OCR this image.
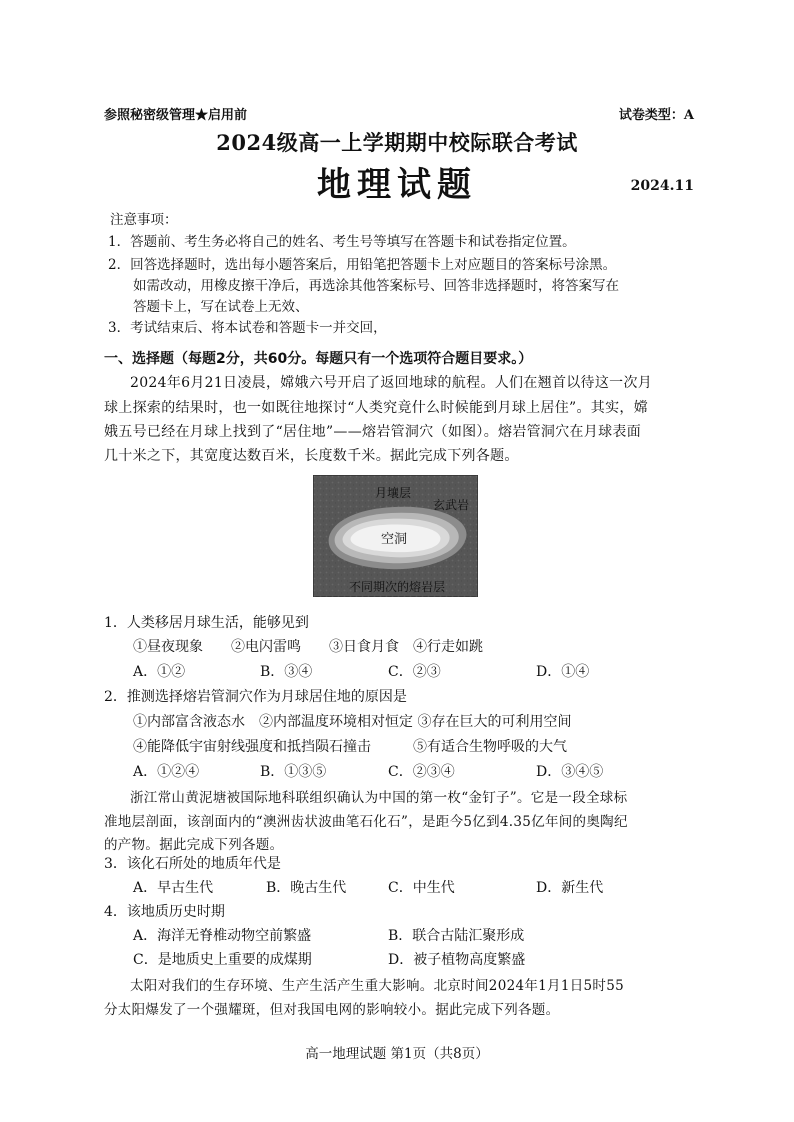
参照秘密级管理★启用前	试卷类型：A
2024级高一上学期期中校际联合考试
地理试题	2024.11
注意事项：
1．答题前、考生务必将自己的姓名、考生号等填写在答题卡和试卷指定位置。
2．回答选择题时，选出每小题答案后，用铅笔把答题卡上对应题目的答案标号涂黑。
如需改动，用橡皮擦干净后，再选涂其他答案标号、回答非选择题时，将答案写在
答题卡上，写在试卷上无效、
3．考试结束后、将本试卷和答题卡一并交回，
一、选择题（每题2分，共60分。每题只有一个选项符合题目要求。）
2024年6月21日凌晨，嫦娥六号开启了返回地球的航程。人们在翘首以待这一次月
球上探索的结果时，也一如既往地探讨“人类究竟什么时候能到月球上居住”。其实，嫦
娥五号已经在月球上找到了“居住地”——熔岩管洞穴（如图）。熔岩管洞穴在月球表面
几十米之下，其宽度达数百米，长度数千米。据此完成下列各题。
月壤层
玄武岩
空洞
不同期次的熔岩层
1．人类移居月球生活，能够见到
①昼夜现象　　②电闪雷鸣　　③日食月食　④行走如跳
A．①②	B．③④	C．②③	D．①④
2．推测选择熔岩管洞穴作为月球居住地的原因是
①内部富含液态水　②内部温度环境相对恒定 ③存在巨大的可利用空间
④能降低宇宙射线强度和抵挡陨石撞击　　　⑤有适合生物呼吸的大气
A．①②④	B．①③⑤	C．②③④	D．③④⑤
浙江常山黄泥塘被国际地科联组织确认为中国的第一枚“金钉子”。它是一段全球标
准地层剖面，该剖面内的“澳洲齿状波曲笔石化石”，是距今5亿到4.35亿年间的奥陶纪
的产物。据此完成下列各题。
3．该化石所处的地质年代是
A．早古生代	B．晚古生代	C．中生代	D．新生代
4．该地质历史时期
A．海洋无脊椎动物空前繁盛	B．联合古陆汇聚形成
C．是地质史上重要的成煤期	D．被子植物高度繁盛
太阳对我们的生存环境、生产生活产生重大影响。北京时间2024年1月1日5时55
分太阳爆发了一个强耀斑，但对我国电网的影响较小。据此完成下列各题。
高一地理试题 第1页（共8页）
